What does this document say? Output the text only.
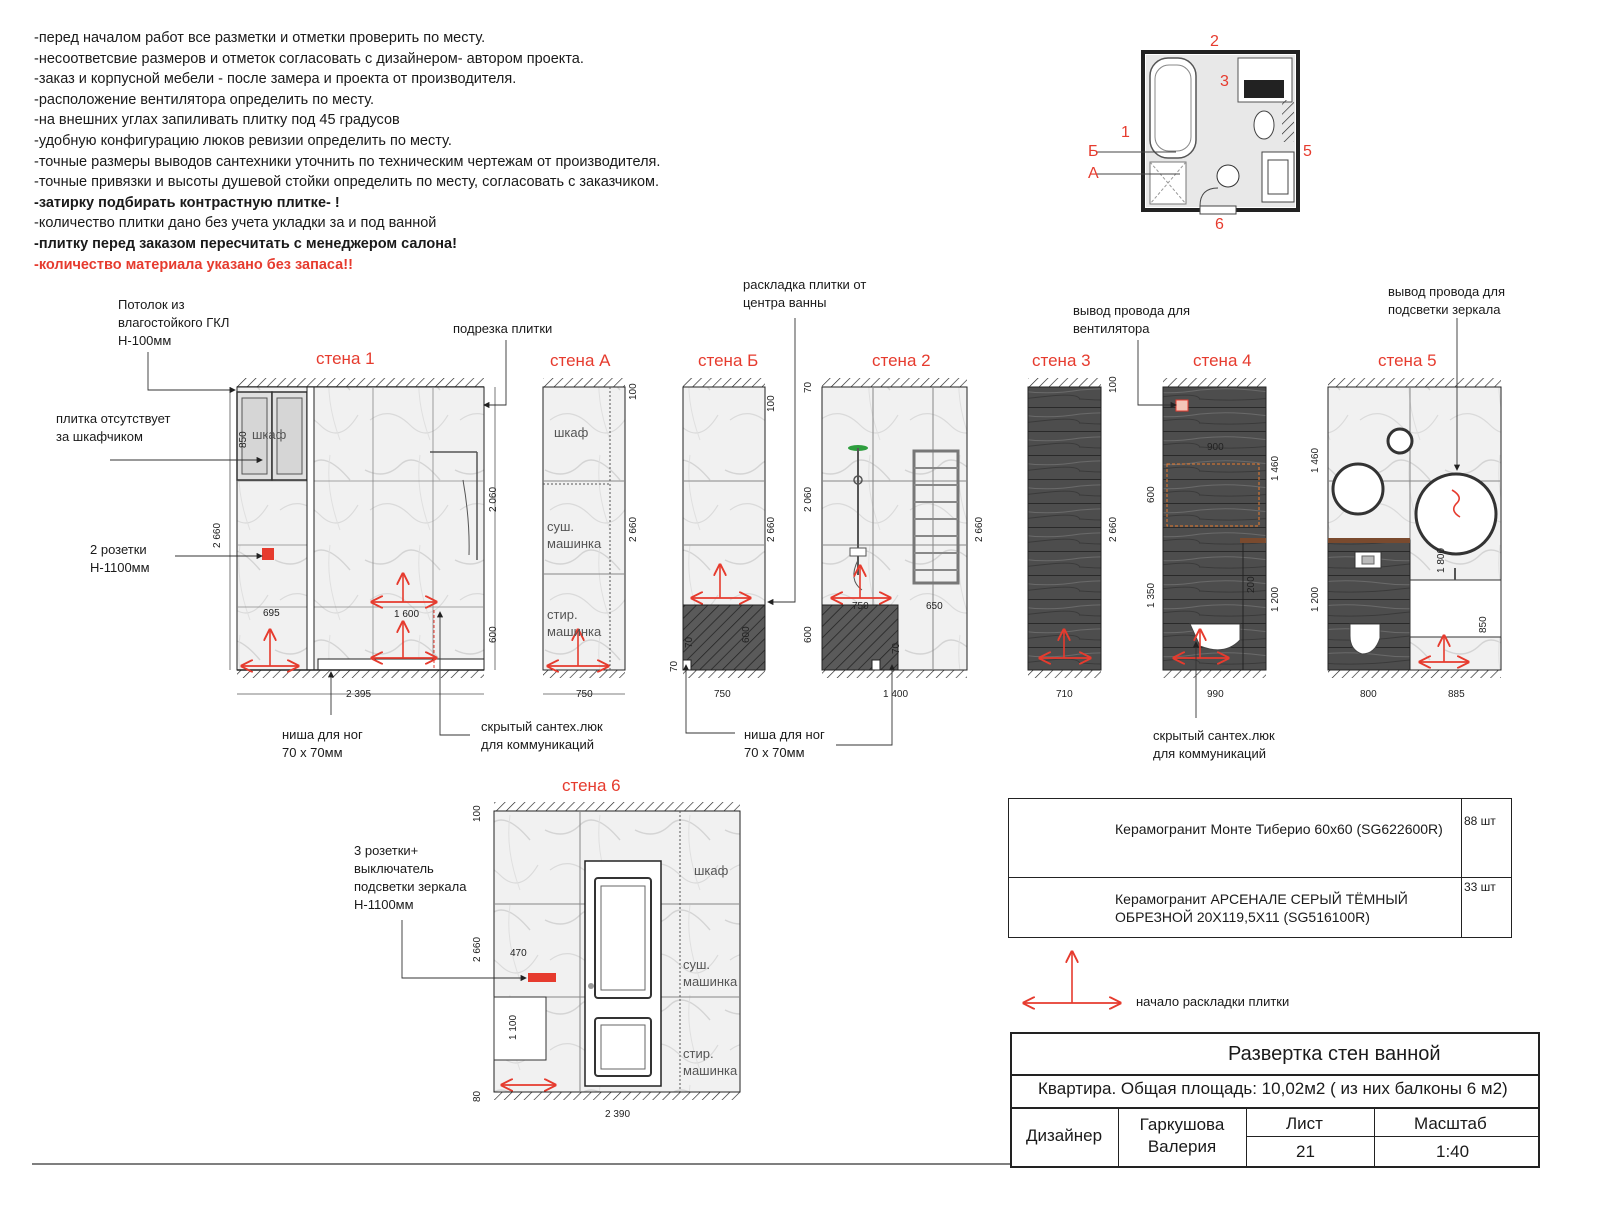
-перед началом работ все разметки и отметки проверить по месту.
-несоответсвие размеров и отметок согласовать с дизайнером- автором проекта.
-заказ и корпусной мебели - после замера и проекта от производителя.
-расположение вентилятора определить по месту.
-на внешних углах запиливать плитку под 45 градусов
-удобную конфигурацию люков ревизии определить по месту.
-точные размеры выводов сантехники уточнить по техническим чертежам от производителя.
-точные привязки и высоты душевой стойки определить по месту, согласовать с заказчиком.
-затирку подбирать контрастную плитке- !
-количество плитки дано без учета укладки за и под ванной
-плитку перед заказом пересчитать с менеджером салона!
-количество материала указано без запаса!!
2
3
1
5
6
Б
А
стена 1	стена А	стена Б	стена 2	стена 3	стена 4	стена 5
стена 6
Потолок из
влагостойкого ГКЛ
Н-100мм
плитка отсутствует
за шкафчиком
2 розетки
Н-1100мм
подрезка плитки
раскладка плитки от
центра ванны
вывод провода для
вентилятора
вывод провода для
подсветки зеркала
ниша для ног
70 х 70мм
скрытый сантех.люк
для коммуникаций
ниша для ног
70 х 70мм
скрытый сантех.люк
для коммуникаций
3 розетки+
выключатель
подсветки зеркала
Н-1100мм
шкаф	шкаф
суш.
машинка
стир.
машинка
шкаф
суш.
машинка
стир.
машинка
2 395
695	1 600
750	750	1 400
750	650
710	990
900
800	885
2 390
470
2 660
850
2 060
600
100
2 660
100
2 660
70
600
70
70
2 060
600
2 660
70
100
2 660
600
1 350
1 460
1 200
200
1 460
1 200
1 800
850
100
2 660
1 100
80
Керамогранит Монте Тиберио 60х60 (SG622600R) 88 шт
Керамогранит АРСЕНАЛЕ СЕРЫЙ ТЁМНЫЙ
ОБРЕЗНОЙ 20Х119,5Х11 (SG516100R)
33 шт
начало раскладки плитки
Развертка стен ванной
Квартира. Общая площадь: 10,02м2 ( из них балконы 6 м2)
Дизайнер
Гаркушова
Валерия
Лист
21
Масштаб
1:40
